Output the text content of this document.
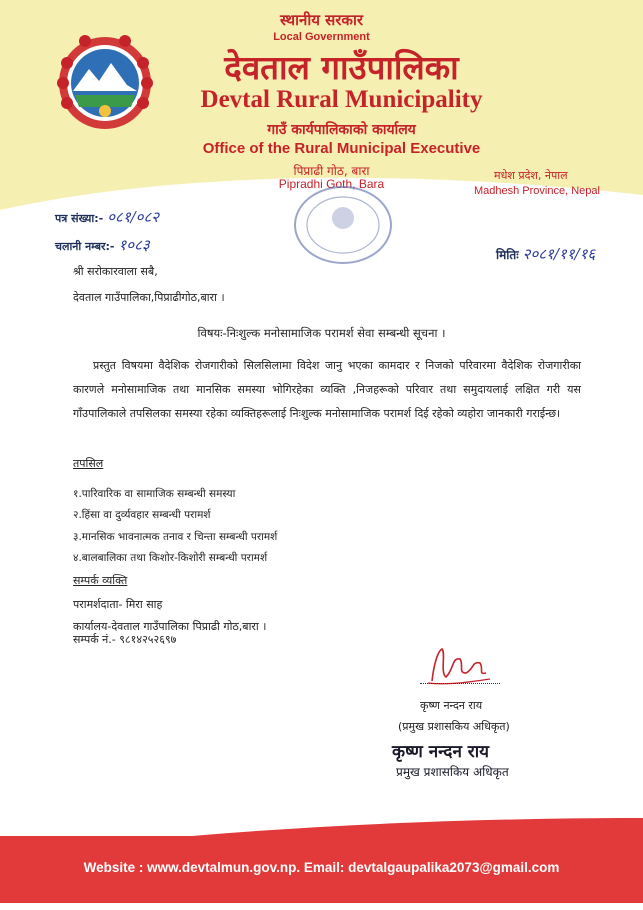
स्थानीय सरकार
Local Government
देवताल गाउँपालिका
Devtal Rural Municipality
गाउँ कार्यपालिकाको कार्यालय
Office of the Rural Municipal Executive
पिप्राढी गोठ, बारा
Pipradhi Goth, Bara
मधेश प्रदेश, नेपाल
Madhesh Province, Nepal
पत्र संख्या:- ०८१/०८२
चलानी नम्बर:- १०८३
मितिः २०८१/११/१६
श्री सरोकारवाला सबै,
देवताल गाउँपालिका,पिप्राढीगोठ,बारा ।
विषयः-निःशुल्क मनोसामाजिक परामर्श सेवा सम्बन्धी सूचना ।
प्रस्तुत विषयमा वैदेशिक रोजगारीको सिलसिलामा विदेश जानु भएका कामदार र निजको परिवारमा वैदेशिक रोजगारीका कारणले मनोसामाजिक तथा मानसिक समस्या भोगिरहेका व्यक्ति ,निजहरूको परिवार तथा समुदायलाई लक्षित गरी यस गाँउपालिकाले तपसिलका समस्या रहेका व्यक्तिहरूलाई निःशुल्क मनोसामाजिक परामर्श दिई रहेको व्यहोरा जानकारी गराईन्छ।
तपसिल
१.पारिवारिक वा सामाजिक सम्बन्धी समस्या
२.हिंसा वा दुर्व्यवहार सम्बन्धी परामर्श
३.मानसिक भावनात्मक तनाव र चिन्ता सम्बन्धी परामर्श
४.बालबालिका तथा किशोर-किशोरी सम्बन्धी परामर्श
सम्पर्क व्यक्ति
परामर्शदाता- मिरा साह
कार्यालय-देवताल गाउँपालिका पिप्राढी गोठ,बारा ।
सम्पर्क नं.- ९८१४२५२६९७
कृष्ण नन्दन राय
(प्रमुख प्रशासकिय अधिकृत)
कृष्ण नन्दन राय
प्रमुख प्रशासकिय अधिकृत
Website : www.devtalmun.gov.np. Email: devtalgaupalika2073@gmail.com
